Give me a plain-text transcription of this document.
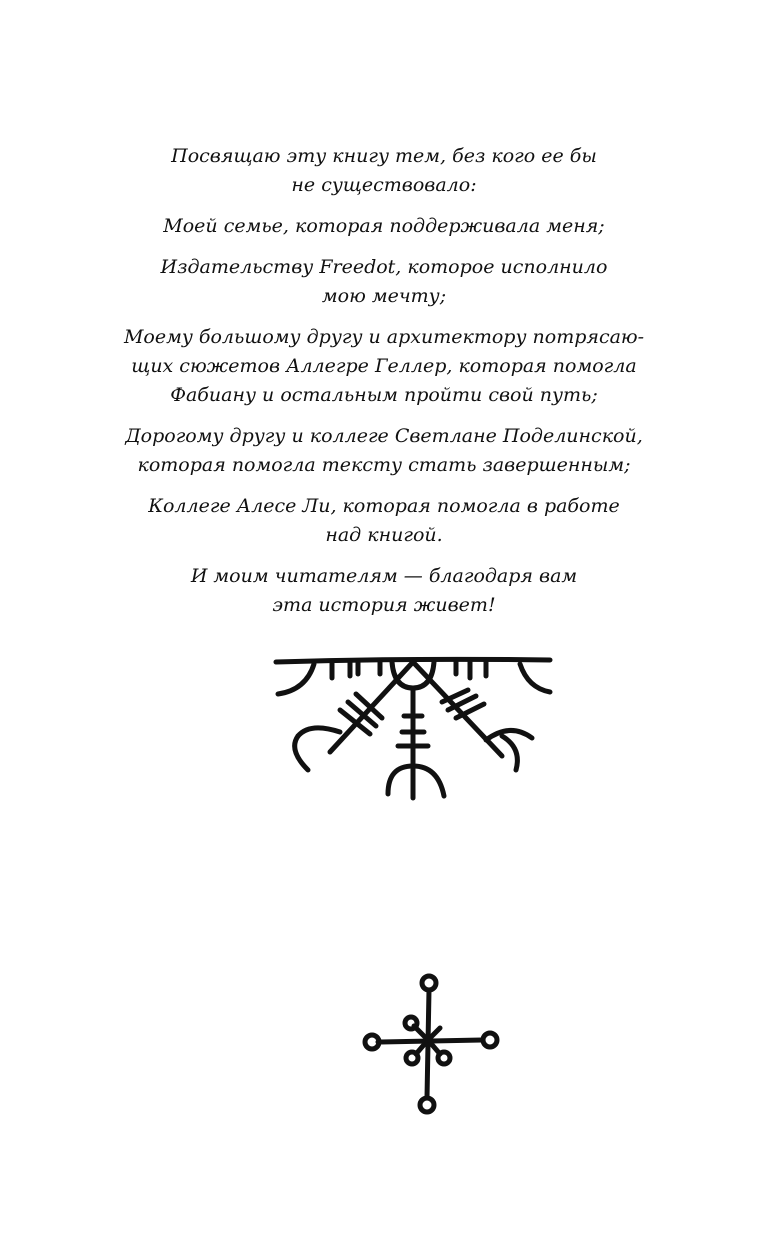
Посвящаю эту книгу тем, без кого ее бы
не существовало:

Моей семье, которая поддерживала меня;

Издательству Freedot, которое исполнило
мою мечту;

Моему большому другу и архитектору потрясаю-
щих сюжетов Аллегре Геллер, которая помогла
Фабиану и остальным пройти свой путь;

Дорогому другу и коллеге Светлане Поделинской,
которая помогла тексту стать завершенным;

Коллеге Алесе Ли, которая помогла в работе
над книгой.

И моим читателям — благодаря вам
эта история живет!
